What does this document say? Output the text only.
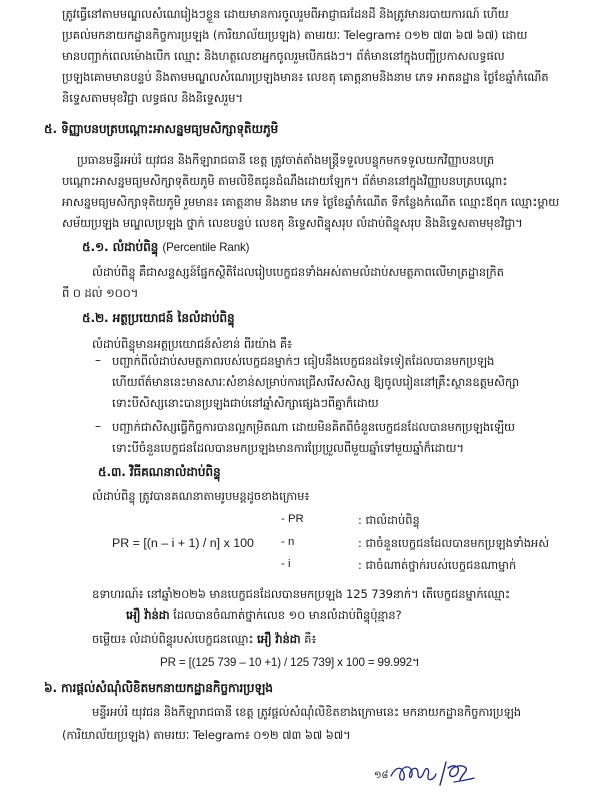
ត្រូវធ្វើនៅតាមមណ្ឌលសំណេរៀងៗខ្លួន ដោយមានការចូលរួមពីអាជ្ញាធរដែនដី និងត្រូវមានរបាយការណ៍ ហើយ
ប្រគល់មកនាយកដ្ឋានកិច្ចការប្រឡង (ការិយាល័យប្រឡង) តាមរយៈ Telegram៖ ០១២ ៧៣ ៦៧ ៦៧) ដោយ
មានបញ្ជាក់ពេលម៉ោងបើក ឈ្មោះ និងហត្ថលេខាអ្នកចូលរួមបើកផងៗ។ ព័ត៌មាននៅក្នុងបញ្ជីប្រកាសលទ្ធផល
ប្រឡងគោមមានបន្ទប់ និងតាមមណ្ឌលសំណេរប្រឡងមាន៖ លេខតុ គោត្តនាមនិងនាម ភេទ អាតនដ្ឋាន ថ្ងៃខែឆ្នាំកំណើត
និទ្ទេសតាមមុខវិជ្ជា លទ្ធផល និងនិទ្ទេសរួម។
៥. ទិញ្ញាបនបត្របណ្ដោះអាសន្នមធ្យមសិក្សាទុតិយភូមិ
ប្រធានមន្ទីរអប់រំ យុវជន និងកីឡារាជធានី ខេត្ត ត្រូវចាត់តាំងមន្ត្រីទទួលបន្ទុកមកទទួលយកវិញ្ញាបនបត្រ
បណ្ដោះអាសន្នមធ្យមសិក្សាទុតិយភូមិ តាមលិខិតជូនដំណឹងដោយឡែក។ ព័ត៌មាននៅក្នុងវិញ្ញាបនបត្របណ្ដោះ
អាសន្នមធ្យមសិក្សាទុតិយភូមិ រួមមាន៖ គោត្តនាម និងនាម ភេទ ថ្ងៃខែឆ្នាំកំណើត ទីកន្លែងកំណើត ឈ្មោះឪពុក ឈ្មោះម្ដាយ
សម័យប្រឡង មណ្ឌលប្រឡង ថ្នាក់ លេខបន្ទប់ លេខតុ និទ្ទេសពិន្ទុសរុប លំដាប់ពិន្ទុសរុប និងនិទ្ទេសតាមមុខវិជ្ជា។
៥.១. លំដាប់ពិន្ទុ (Percentile Rank)
លំដាប់ពិន្ទុ គឺជាសន្ទស្សន៍ផ្នែកស្ថិតិដែលរៀបបេក្ខជនទាំងអស់តាមលំដាប់សមត្ថភាពលើមាត្រដ្ឋានក្រិត
ពី ០ ដល់ ១០០។
៥.២. អត្ថប្រយោជន៍ នៃលំដាប់ពិន្ទុ
លំដាប់ពិន្ទុមានអត្ថប្រយោជន៍សំខាន់ ពីរយ៉ាង គឺ៖
– បញ្ជាក់ពីលំដាប់សមត្ថភាពរបស់បេក្ខជនម្នាក់ៗ ធៀបនឹងបេក្ខជនដទៃទៀតដែលបានមកប្រឡង
ហើយព័ត៌មាននេះមានសារៈសំខាន់សម្រាប់ការជ្រើសរើសសិស្ស ឱ្យចូលរៀននៅគ្រឹះស្ថានឧត្តមសិក្សា
ទោះបីសិស្សនោះបានប្រឡងជាប់នៅឆ្នាំសិក្សាផ្សេងៗពីគ្នាក៏ដោយ
– បញ្ជាក់ជាសិស្សធ្វើកិច្ចការបានល្អកម្រិតណា ដោយមិនគិតពីចំនួនបេក្ខជនដែលបានមកប្រឡងឡើយ
ទោះបីចំនួនបេក្ខជនដែលបានមកប្រឡងមានការប្រែប្រួលពីមួយឆ្នាំទៅមួយឆ្នាំក៏ដោយ។
៥.៣. វិធីគណនាលំដាប់ពិន្ទុ
លំដាប់ពិន្ទុ ត្រូវបានគណនាតាមរូបមន្តដូចខាងក្រោម៖
- PR	: ជាលំដាប់ពិន្ទុ
PR = [(n – i + 1) / n] x 100 - n	: ជាចំនួនបេក្ខជនដែលបានមកប្រឡងទាំងអស់
- i	: ជាចំណាត់ថ្នាក់របស់បេក្ខជនណាម្នាក់
ឧទាហរណ៍៖ នៅឆ្នាំ២០២៦ មានបេក្ខជនដែលបានមកប្រឡង 125 739នាក់។ តើបេក្ខជនម្នាក់ឈ្មោះ
អឿ វ៉ាន់ដា ដែលបានចំណាត់ថ្នាក់លេខ ១០ មានលំដាប់ពិន្ទុប៉ុន្មាន?
ចម្លើយ៖ លំដាប់ពិន្ទុរបស់បេក្ខជនឈ្មោះ អឿ វ៉ាន់ដា គឺ៖
PR = [(125 739 – 10 +1) / 125 739] x 100 = 99.992។
៦. ការផ្តល់សំណុំលិខិតមកនាយកដ្ឋានកិច្ចការប្រឡង
មន្ទីរអប់រំ យុវជន និងកីឡារាជធានី ខេត្ត ត្រូវផ្ដល់សំណុំលិខិតខាងក្រោមនេះ មកនាយកដ្ឋានកិច្ចការប្រឡង
(ការិយាល័យប្រឡង) តាមរយៈ Telegram៖ ០១២ ៧៣ ៦៧ ៦៧។
១៨
